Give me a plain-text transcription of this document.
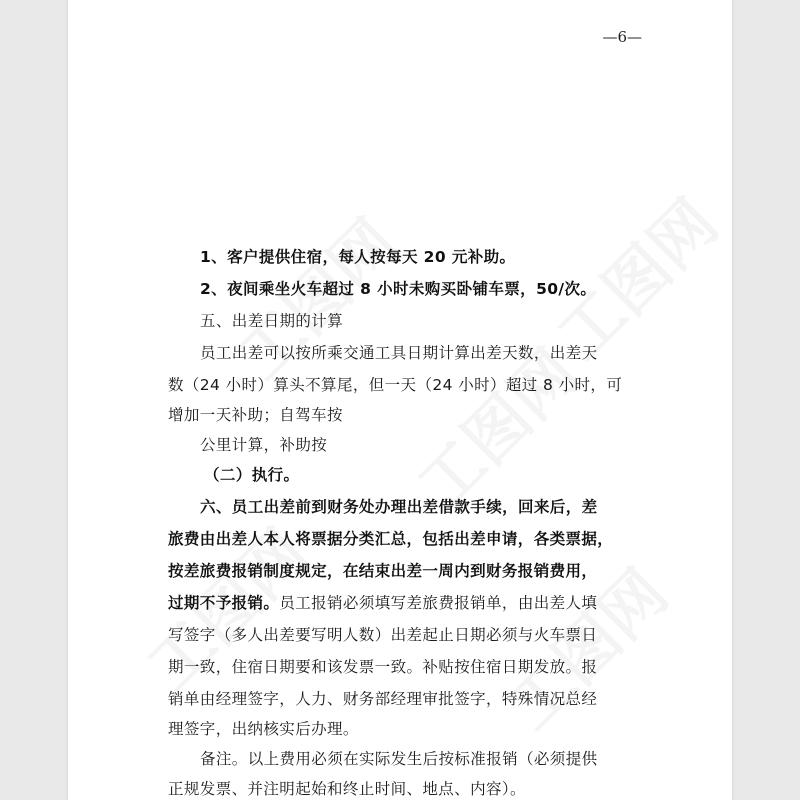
—6—
1、客户提供住宿，每人按每天 20 元补助。
2、夜间乘坐火车超过 8 小时未购买卧铺车票，50/次。
五、出差日期的计算
员工出差可以按所乘交通工具日期计算出差天数，出差天
数（24 小时）算头不算尾，但一天（24 小时）超过 8 小时，可
增加一天补助；自驾车按
公里计算，补助按
（二）执行。
六、员工出差前到财务处办理出差借款手续，回来后，差
旅费由出差人本人将票据分类汇总，包括出差申请，各类票据，
按差旅费报销制度规定，在结束出差一周内到财务报销费用，
过期不予报销。员工报销必须填写差旅费报销单，由出差人填
写签字（多人出差要写明人数）出差起止日期必须与火车票日
期一致，住宿日期要和该发票一致。补贴按住宿日期发放。报
销单由经理签字，人力、财务部经理审批签字，特殊情况总经
理签字，出纳核实后办理。
备注。以上费用必须在实际发生后按标准报销（必须提供
正规发票、并注明起始和终止时间、地点、内容）。
